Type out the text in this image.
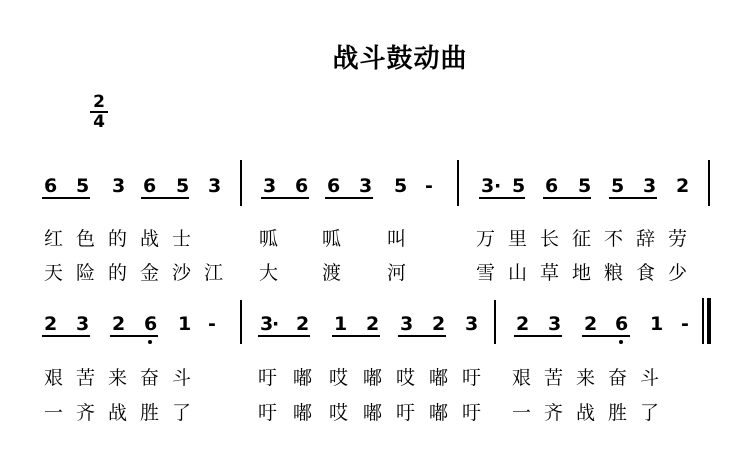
战斗鼓动曲
2
4
6 5 3 6 5 3 3 6 6 3 5 -	3 · 5 6 5 5 3 2
红 色 的 战 士	呱 呱 叫	万 里 长 征 不 辞 劳
天 险 的 金 沙 江 大 渡 河	雪 山 草 地 粮 食 少
2 3 2 6 1 - 3
· 2 1 2 3 2 3 2 3 2 6 1 -
艰 苦 来 奋 斗	吁 嘟 哎 嘟 哎 嘟 吁 艰 苦 来 奋 斗
一 齐 战 胜 了	吁 嘟 哎 嘟 吁 嘟 吁 一 齐 战 胜 了
